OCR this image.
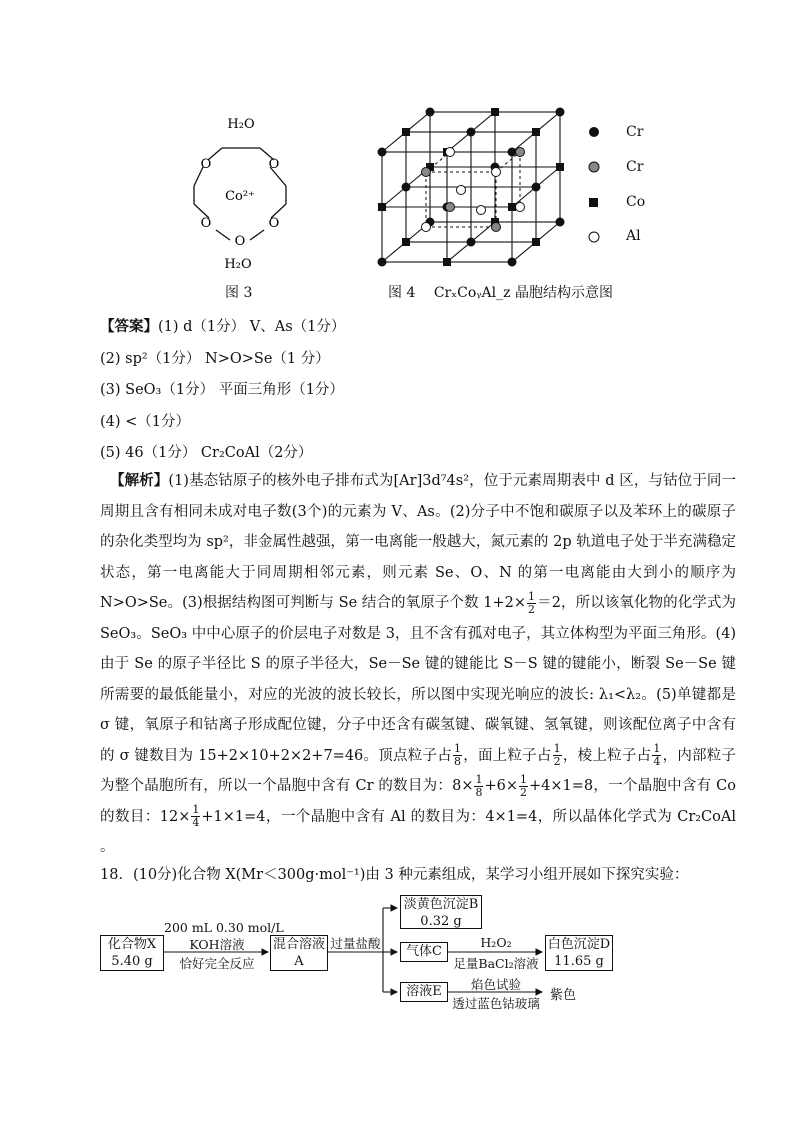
H₂O
O	O
O	O
O
Co²⁺
H₂O
图 3
Cr
Cr
Co
Al
图 4 CrₓCoᵧAl_z 晶胞结构示意图
【答案】(1) d（1分） V、As（1分）
(2) sp²（1分） N>O>Se（1 分）
(3) SeO₃（1分） 平面三角形（1分）
(4) <（1分）
(5) 46（1分） Cr₂CoAl（2分）
【解析】(1)基态钴原子的核外电子排布式为[Ar]3d⁷4s²，位于元素周期表中 d 区，与钴位于同一周期且含有相同未成对电子数(3个)的元素为 V、As。(2)分子中不饱和碳原子以及苯环上的碳原子的杂化类型均为 sp²，非金属性越强，第一电离能一般越大，氮元素的 2p 轨道电子处于半充满稳定状态，第一电离能大于同周期相邻元素，则元素 Se、O、N 的第一电离能由大到小的顺序为 N>O>Se。(3)根据结构图可判断与 Se 结合的氧原子个数 $1+2\times \frac{1}{2} =2$，所以该氧化物的化学式为 SeO₃。SeO₃ 中中心原子的价层电子对数是 3，且不含有孤对电子，其立体构型为平面三角形。(4)由于 Se 的原子半径比 S 的原子半径大，Se－Se 键的键能比 S－S 键的键能小，断裂 Se－Se 键所需要的最低能量小，对应的光波的波长较长，所以图中实现光响应的波长: λ₁<λ₂。(5)单键都是 σ 键，氧原子和钴离子形成配位键，分子中还含有碳氢键、碳氧键、氢氧键，则该配位离子中含有的 σ 键数目为 15+2×10+2×2+7=46。顶点粒子占 $\frac{1}{8}$ ，面上粒子占 $\frac{1}{2}$ ，棱上粒子占 $\frac{1}{4}$ ，内部粒子为整个晶胞所有，所以一个晶胞中含有 Cr 的数目为：$8\times \frac{1}{8} +6\times \frac{1}{2} +4\times 1=8$，一个晶胞中含有 Co 的数目：$12\times \frac{1}{4} +1\times 1=4$，一个晶胞中含有 Al 的数目为：4×1=4，所以晶体化学式为 Cr₂CoAl 。
18．(10分)化合物 X(Mr＜300g·mol⁻¹)由 3 种元素组成，某学习小组开展如下探究实验：
化合物X
5.40 g
200 mL 0.30 mol/L
KOH溶液
恰好完全反应
混合溶液
A
过量盐酸
淡黄色沉淀B
0.32 g
气体C
H₂O₂
足量BaCl₂溶液
白色沉淀D
11.65 g
溶液E	焰色试验
透过蓝色钴玻璃
紫色
